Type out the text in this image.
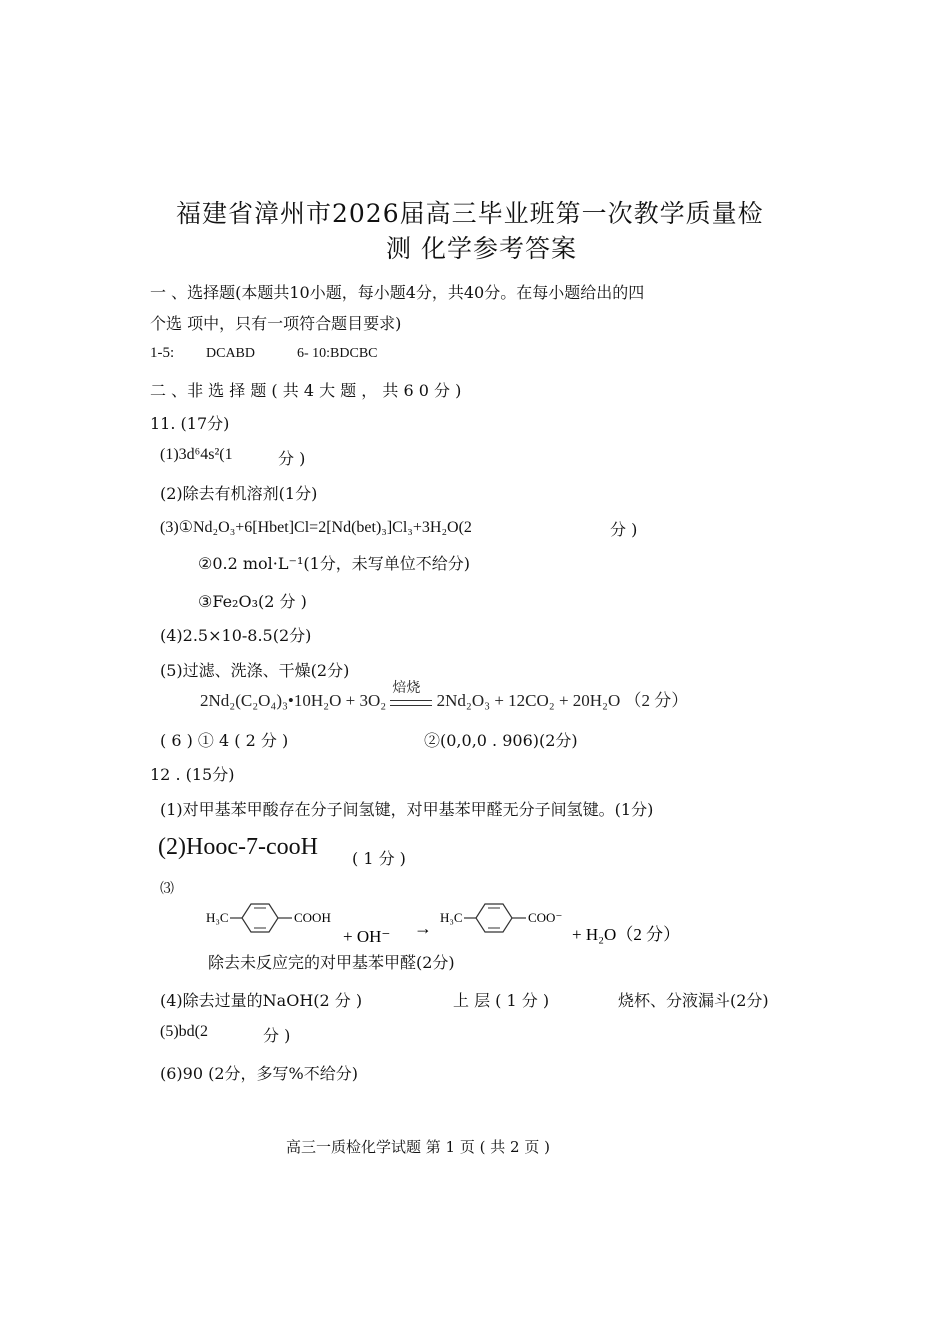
福建省漳州市2026届高三毕业班第一次教学质量检
测 化学参考答案
一 、选择题(本题共10小题，每小题4分，共40分。在每小题给出的四
个选 项中，只有一项符合题目要求)
1-5: DCABD	6- 10:BDCBC
二 、非 选 择 题 ( 共 4 大 题 ， 共 6 0 分 )
11. (17分)
(1)3d⁶4s²(1	分 )
(2)除去有机溶剂(1分)
(3)①Nd₂O₃+6[Hbet]Cl=2[Nd(bet)₃]Cl₃+3H₂O(2	分 )
②0.2 mol·L⁻¹(1分，未写单位不给分)
③Fe₂O₃(2 分 )
(4)2.5×10-8.5(2分)
(5)过滤、洗涤、干燥(2分)
2Nd₂(C₂O₄)₃•10H₂O + 3O₂
焙烧
2Nd₂O₃ + 12CO₂ + 20H₂O （2 分）
( 6 ) ① 4 ( 2 分 )	②(0,0,0 . 906)(2分)
12 . (15分)
(1)对甲基苯甲酸存在分子间氢键，对甲基苯甲醛无分子间氢键。(1分)
(2)Hooc-7-cooH ( 1 分 )
⑶
H₃C	COOH
+ OH⁻ →
H₃C	COO⁻
+ H₂O（2 分）
除去未反应完的对甲基苯甲醛(2分)
(4)除去过量的NaOH(2 分 )	上 层 ( 1 分 )	烧杯、分液漏斗(2分)
(5)bd(2	分 )
(6)90 (2分，多写%不给分)
高三一质检化学试题 第 1 页 ( 共 2 页 )
